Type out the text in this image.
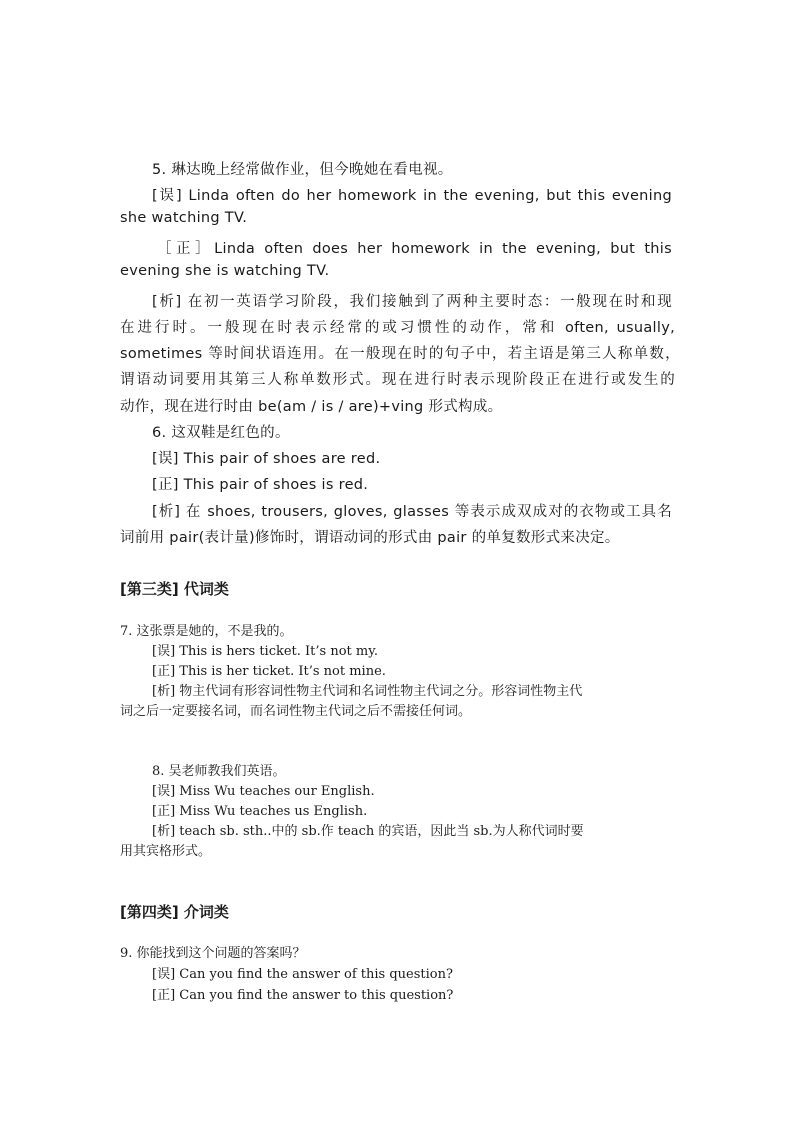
5. 琳达晚上经常做作业，但今晚她在看电视。
[误] Linda often do her homework in the evening, but this evening
she watching TV.
［正］Linda often does her homework in the evening, but this
evening she is watching TV.
[析] 在初一英语学习阶段，我们接触到了两种主要时态：一般现在时和现
在进行时。一般现在时表示经常的或习惯性的动作，常和 often, usually,
sometimes 等时间状语连用。在一般现在时的句子中，若主语是第三人称单数，
谓语动词要用其第三人称单数形式。现在进行时表示现阶段正在进行或发生的
动作，现在进行时由 be(am / is / are)+ving 形式构成。
6. 这双鞋是红色的。
[误] This pair of shoes are red.
[正] This pair of shoes is red.
[析] 在 shoes, trousers, gloves, glasses 等表示成双成对的衣物或工具名
词前用 pair(表计量)修饰时，谓语动词的形式由 pair 的单复数形式来决定。
[第三类] 代词类
7. 这张票是她的，不是我的。
[误] This is hers ticket. It’s not my.
[正] This is her ticket. It’s not mine.
[析] 物主代词有形容词性物主代词和名词性物主代词之分。形容词性物主代
词之后一定要接名词，而名词性物主代词之后不需接任何词。
8. 吴老师教我们英语。
[误] Miss Wu teaches our English.
[正] Miss Wu teaches us English.
[析] teach sb. sth..中的 sb.作 teach 的宾语，因此当 sb.为人称代词时要
用其宾格形式。
[第四类] 介词类
9. 你能找到这个问题的答案吗？
[误] Can you find the answer of this question?
[正] Can you find the answer to this question?
